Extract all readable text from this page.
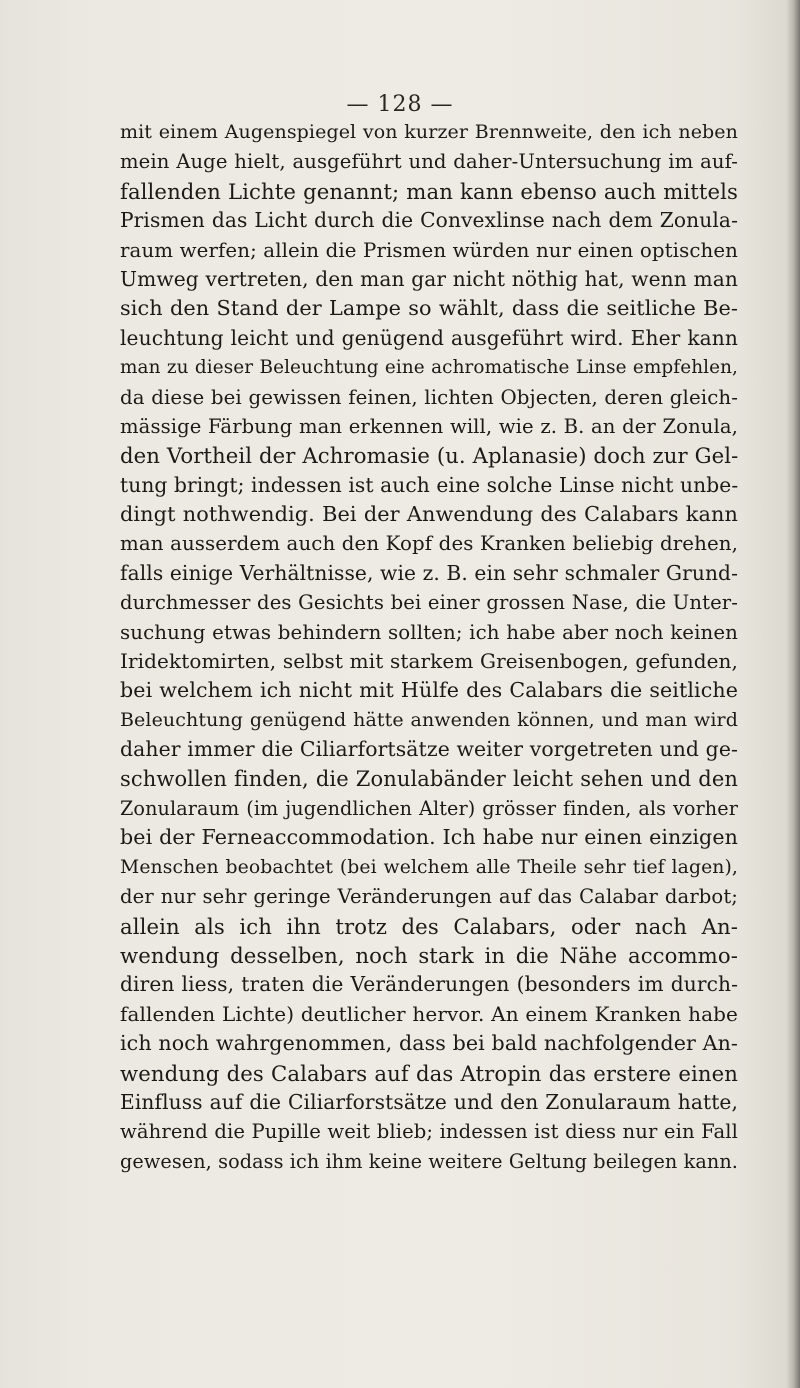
— 128 —
mit einem Augenspiegel von kurzer Brennweite, den ich neben
mein Auge hielt, ausgeführt und daher-Untersuchung im auf-
fallenden Lichte genannt; man kann ebenso auch mittels
Prismen das Licht durch die Convexlinse nach dem Zonula-
raum werfen; allein die Prismen würden nur einen optischen
Umweg vertreten, den man gar nicht nöthig hat, wenn man
sich den Stand der Lampe so wählt, dass die seitliche Be-
leuchtung leicht und genügend ausgeführt wird. Eher kann
man zu dieser Beleuchtung eine achromatische Linse empfehlen,
da diese bei gewissen feinen, lichten Objecten, deren gleich-
mässige Färbung man erkennen will, wie z. B. an der Zonula,
den Vortheil der Achromasie (u. Aplanasie) doch zur Gel-
tung bringt; indessen ist auch eine solche Linse nicht unbe-
dingt nothwendig. Bei der Anwendung des Calabars kann
man ausserdem auch den Kopf des Kranken beliebig drehen,
falls einige Verhältnisse, wie z. B. ein sehr schmaler Grund-
durchmesser des Gesichts bei einer grossen Nase, die Unter-
suchung etwas behindern sollten; ich habe aber noch keinen
Iridektomirten, selbst mit starkem Greisenbogen, gefunden,
bei welchem ich nicht mit Hülfe des Calabars die seitliche
Beleuchtung genügend hätte anwenden können, und man wird
daher immer die Ciliarfortsätze weiter vorgetreten und ge-
schwollen finden, die Zonulabänder leicht sehen und den
Zonularaum (im jugendlichen Alter) grösser finden, als vorher
bei der Ferneaccommodation. Ich habe nur einen einzigen
Menschen beobachtet (bei welchem alle Theile sehr tief lagen),
der nur sehr geringe Veränderungen auf das Calabar darbot;
allein als ich ihn trotz des Calabars, oder nach An-
wendung desselben, noch stark in die Nähe accommo-
diren liess, traten die Veränderungen (besonders im durch-
fallenden Lichte) deutlicher hervor. An einem Kranken habe
ich noch wahrgenommen, dass bei bald nachfolgender An-
wendung des Calabars auf das Atropin das erstere einen
Einfluss auf die Ciliarforstsätze und den Zonularaum hatte,
während die Pupille weit blieb; indessen ist diess nur ein Fall
gewesen, sodass ich ihm keine weitere Geltung beilegen kann.
